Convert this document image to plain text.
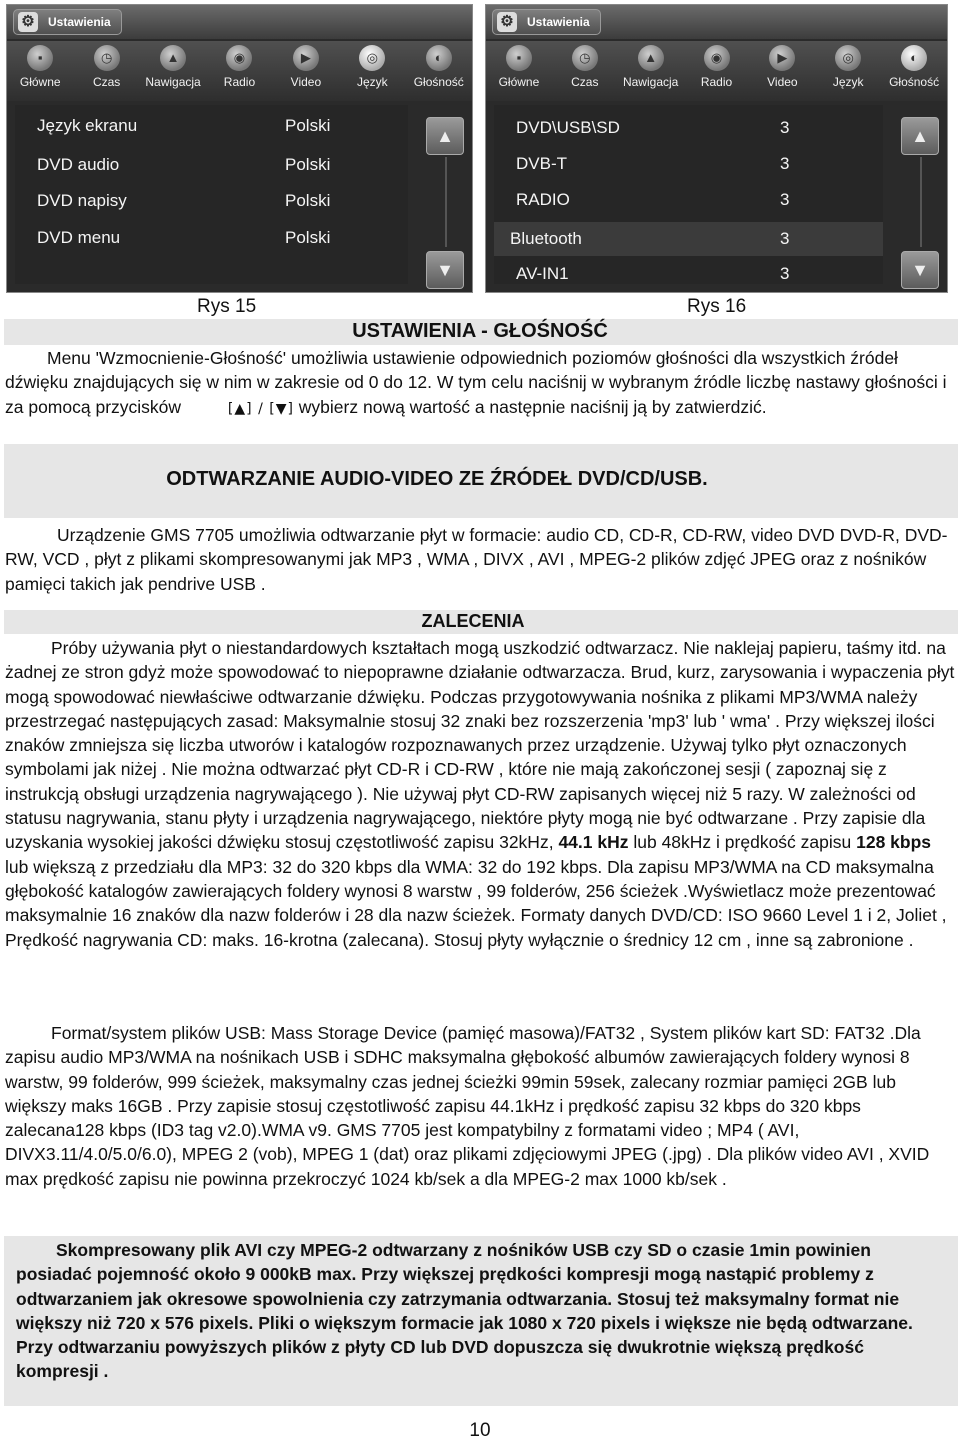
⚙ Ustawienia
▪
Główne
◷
Czas
▲
Nawigacja
◉
Radio
▶
Video
◎
Język
◐
Głośność
Język ekranu	Polski
DVD audio	Polski
DVD napisy	Polski
DVD menu	Polski
▲
▼
⚙ Ustawienia
▪
Główne
◷
Czas
▲
Nawigacja
◉
Radio
▶
Video
◎
Język
◐
Głośność
DVD\USB\SD	3
DVB-T	3
RADIO	3
Bluetooth	3
AV-IN1	3
▲
▼
Rys 15	Rys 16
USTAWIENIA - GŁOŚNOŚĆ
Menu 'Wzmocnienie-Głośność' umożliwia ustawienie odpowiednich poziomów głośności dla wszystkich źródeł dźwięku znajdujących się w nim w zakresie od 0 do 12. W tym celu naciśnij w wybranym źródle liczbę nastawy głośności i za pomocą przycisków	[▲] / [▼] wybierz nową wartość a następnie naciśnij ją by zatwierdzić.
ODTWARZANIE AUDIO-VIDEO ZE ŹRÓDEŁ DVD/CD/USB.
Urządzenie GMS 7705 umożliwia odtwarzanie płyt w formacie: audio CD, CD-R, CD-RW, video DVD DVD-R, DVD-RW, VCD , płyt z plikami skompresowanymi jak MP3 , WMA , DIVX , AVI , MPEG-2 plików zdjęć JPEG oraz z nośników pamięci takich jak pendrive USB .
ZALECENIA
Próby używania płyt o niestandardowych kształtach mogą uszkodzić odtwarzacz. Nie naklejaj papieru, taśmy itd. na żadnej ze stron gdyż może spowodować to niepoprawne działanie odtwarzacza. Brud, kurz, zarysowania i wypaczenia płyt mogą spowodować niewłaściwe odtwarzanie dźwięku. Podczas przygotowywania nośnika z plikami MP3/WMA należy przestrzegać następujących zasad: Maksymalnie stosuj 32 znaki bez rozszerzenia 'mp3' lub ' wma' . Przy większej ilości znaków zmniejsza się liczba utworów i katalogów rozpoznawanych przez urządzenie. Używaj tylko płyt oznaczonych symbolami jak niżej . Nie można odtwarzać płyt CD-R i CD-RW , które nie mają zakończonej sesji ( zapoznaj się z instrukcją obsługi urządzenia nagrywającego ). Nie używaj płyt CD-RW zapisanych więcej niż 5 razy. W zależności od statusu nagrywania, stanu płyty i urządzenia nagrywającego, niektóre płyty mogą nie być odtwarzane . Przy zapisie dla uzyskania wysokiej jakości dźwięku stosuj częstotliwość zapisu 32kHz, 44.1 kHz lub 48kHz i prędkość zapisu 128 kbps lub większą z przedziału dla MP3: 32 do 320 kbps dla WMA: 32 do 192 kbps. Dla zapisu MP3/WMA na CD maksymalna głębokość katalogów zawierających foldery wynosi 8 warstw , 99 folderów, 256 ścieżek .Wyświetlacz może prezentować maksymalnie 16 znaków dla nazw folderów i 28 dla nazw ścieżek. Formaty danych DVD/CD: ISO 9660 Level 1 i 2, Joliet , Prędkość nagrywania CD: maks. 16-krotna (zalecana). Stosuj płyty wyłącznie o średnicy 12 cm , inne są zabronione .
Format/system plików USB: Mass Storage Device (pamięć masowa)/FAT32 , System plików kart SD: FAT32 .Dla zapisu audio MP3/WMA na nośnikach USB i SDHC maksymalna głębokość albumów zawierających foldery wynosi 8 warstw, 99 folderów, 999 ścieżek, maksymalny czas jednej ścieżki 99min 59sek, zalecany rozmiar pamięci 2GB lub większy maks 16GB . Przy zapisie stosuj częstotliwość zapisu 44.1kHz i prędkość zapisu 32 kbps do 320 kbps zalecana128 kbps (ID3 tag v2.0).WMA v9. GMS 7705 jest kompatybilny z formatami video ; MP4 ( AVI, DIVX3.11/4.0/5.0/6.0), MPEG 2 (vob), MPEG 1 (dat) oraz plikami zdjęciowymi JPEG (.jpg) . Dla plików video AVI , XVID max prędkość zapisu nie powinna przekroczyć 1024 kb/sek a dla MPEG-2 max 1000 kb/sek .
Skompresowany plik AVI czy MPEG-2 odtwarzany z nośników USB czy SD o czasie 1min powinien posiadać pojemność około 9 000kB max. Przy większej prędkości kompresji mogą nastąpić problemy z odtwarzaniem jak okresowe spowolnienia czy zatrzymania odtwarzania. Stosuj też maksymalny format nie większy niż 720 x 576 pixels. Pliki o większym formacie jak 1080 x 720 pixels i większe nie będą odtwarzane. Przy odtwarzaniu powyższych plików z płyty CD lub DVD dopuszcza się dwukrotnie większą prędkość kompresji .
10
